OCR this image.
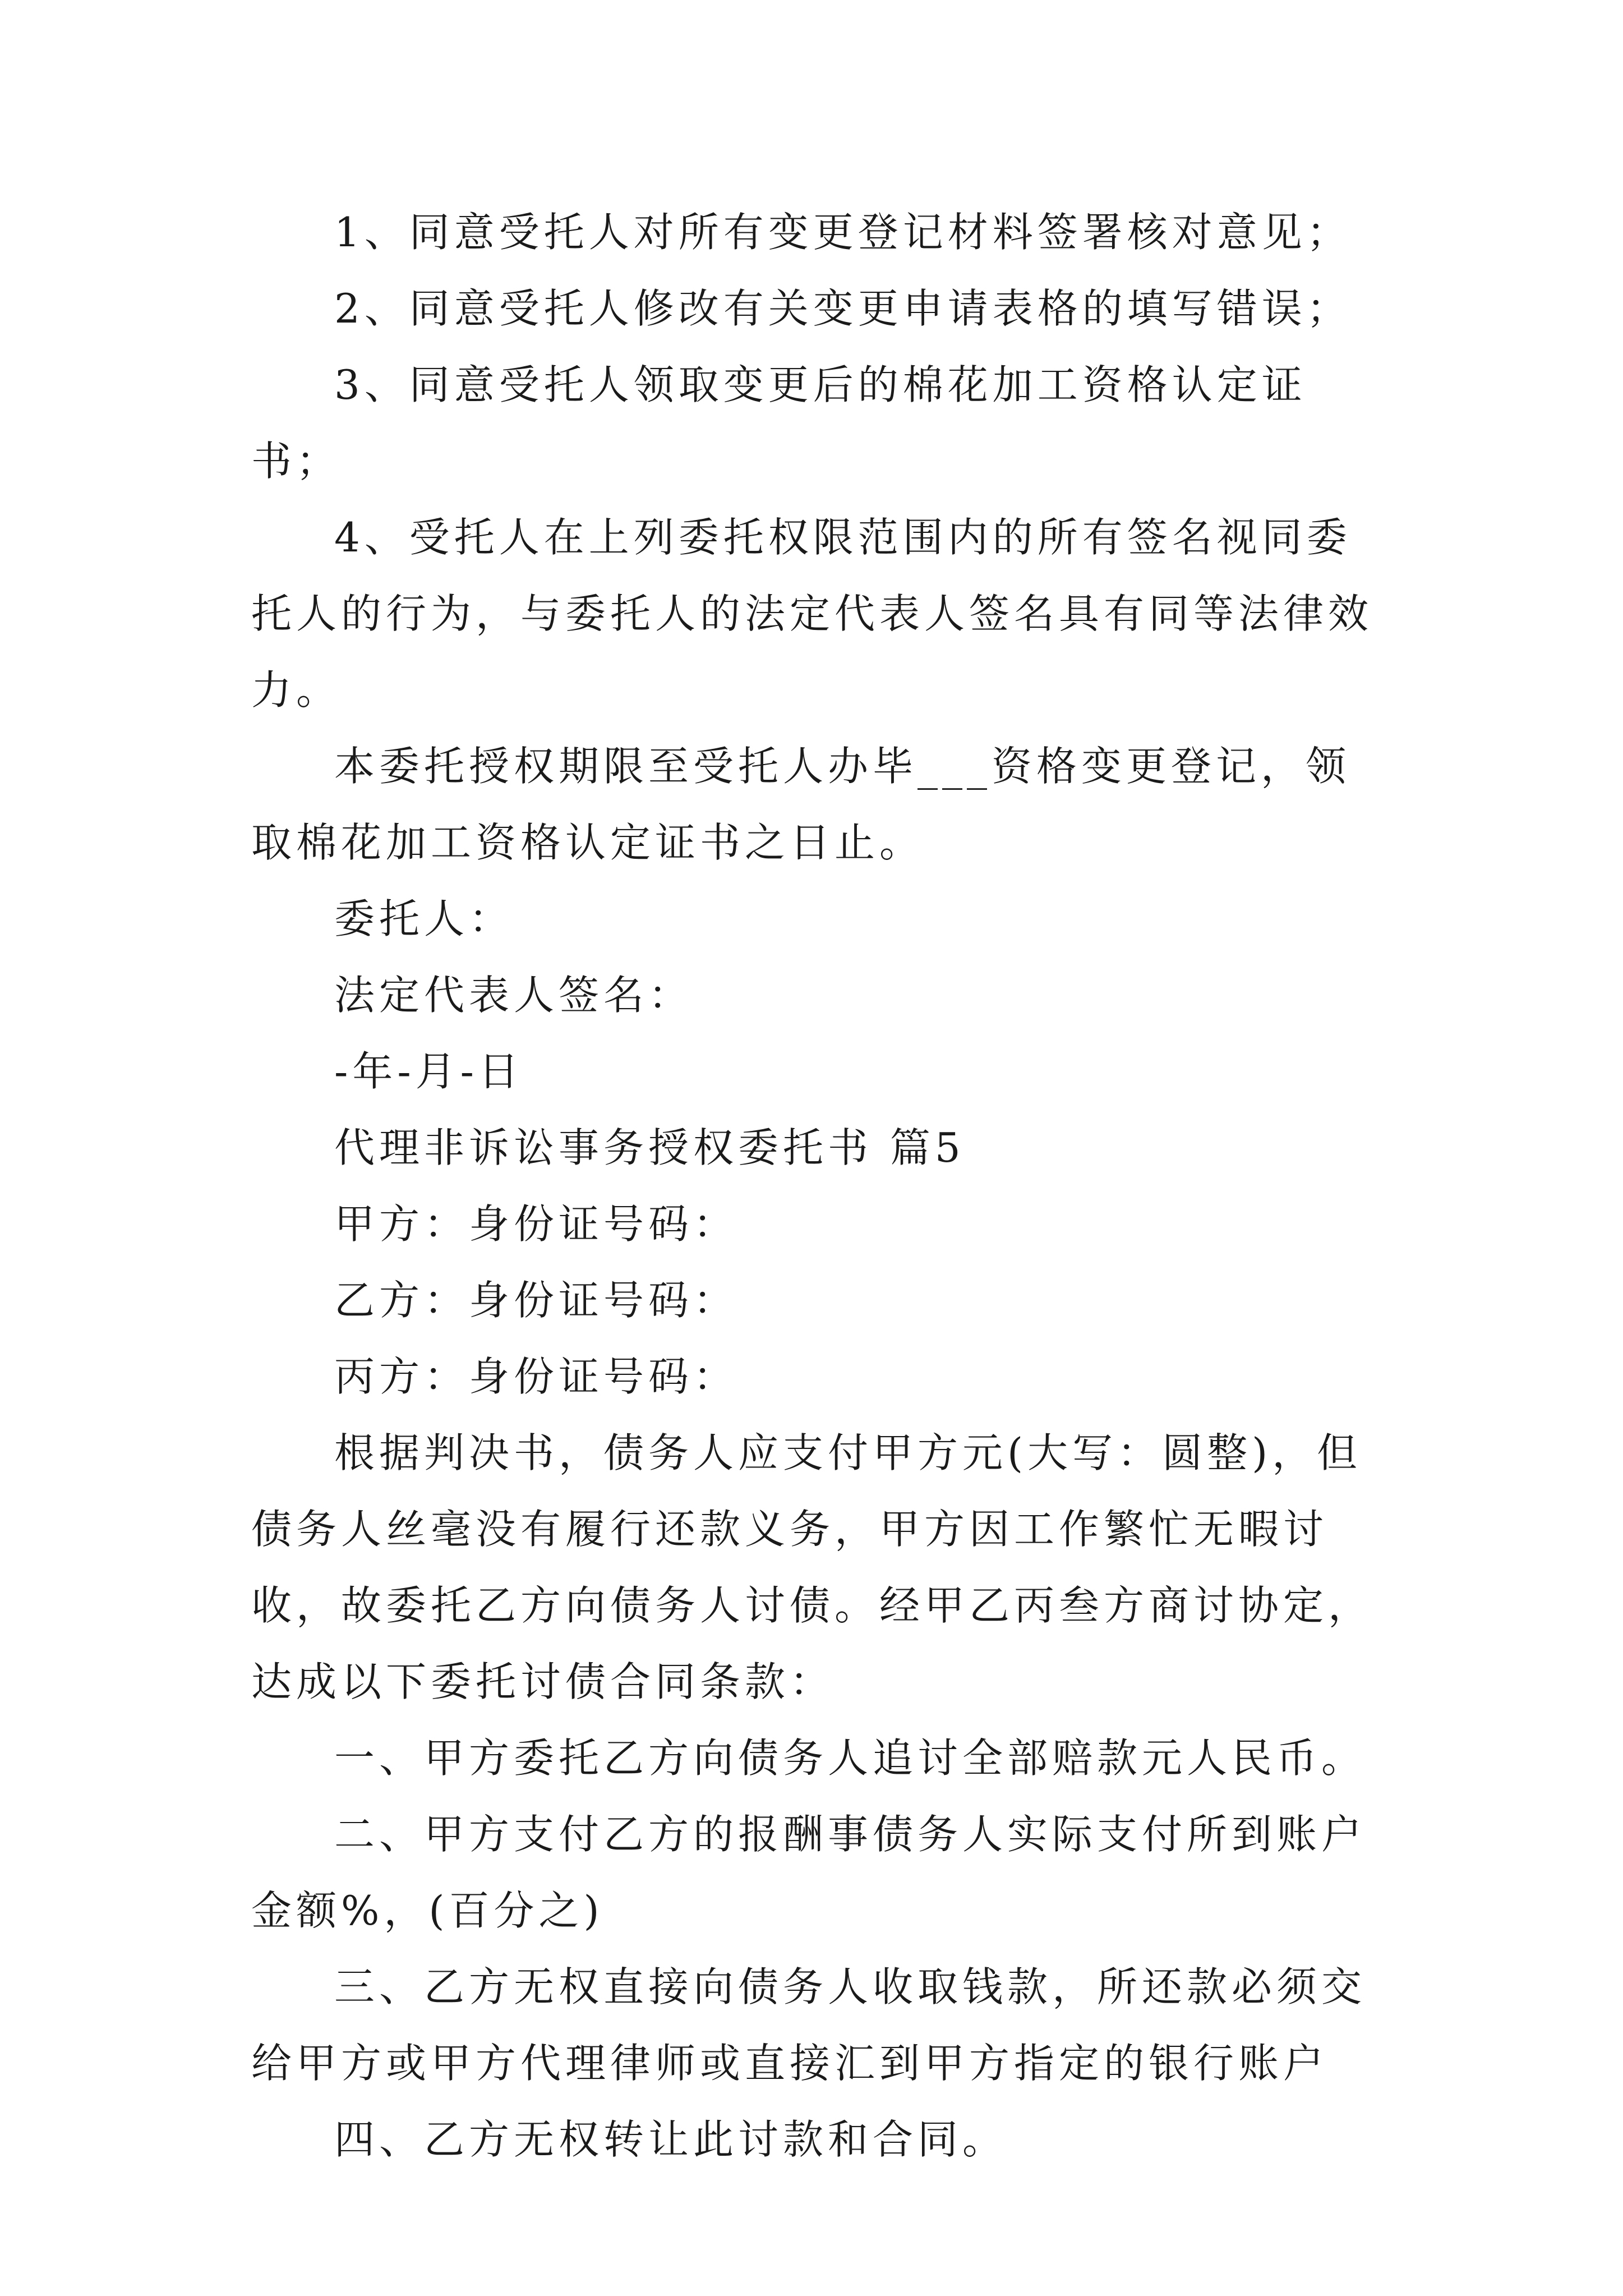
1、同意受托人对所有变更登记材料签署核对意见；

2、同意受托人修改有关变更申请表格的填写错误；

3、同意受托人领取变更后的棉花加工资格认定证书；

4、受托人在上列委托权限范围内的所有签名视同委托人的行为，与委托人的法定代表人签名具有同等法律效力。

本委托授权期限至受托人办毕___资格变更登记，领取棉花加工资格认定证书之日止。

委托人：

法定代表人签名：

-年-月-日

代理非诉讼事务授权委托书 篇5

甲方：身份证号码：

乙方：身份证号码：

丙方：身份证号码：

根据判决书，债务人应支付甲方元(大写：圆整)，但债务人丝毫没有履行还款义务，甲方因工作繁忙无暇讨收，故委托乙方向债务人讨债。经甲乙丙叁方商讨协定，达成以下委托讨债合同条款：

一、甲方委托乙方向债务人追讨全部赔款元人民币。

二、甲方支付乙方的报酬事债务人实际支付所到账户金额%，(百分之)

三、乙方无权直接向债务人收取钱款，所还款必须交给甲方或甲方代理律师或直接汇到甲方指定的银行账户

四、乙方无权转让此讨款和合同。
